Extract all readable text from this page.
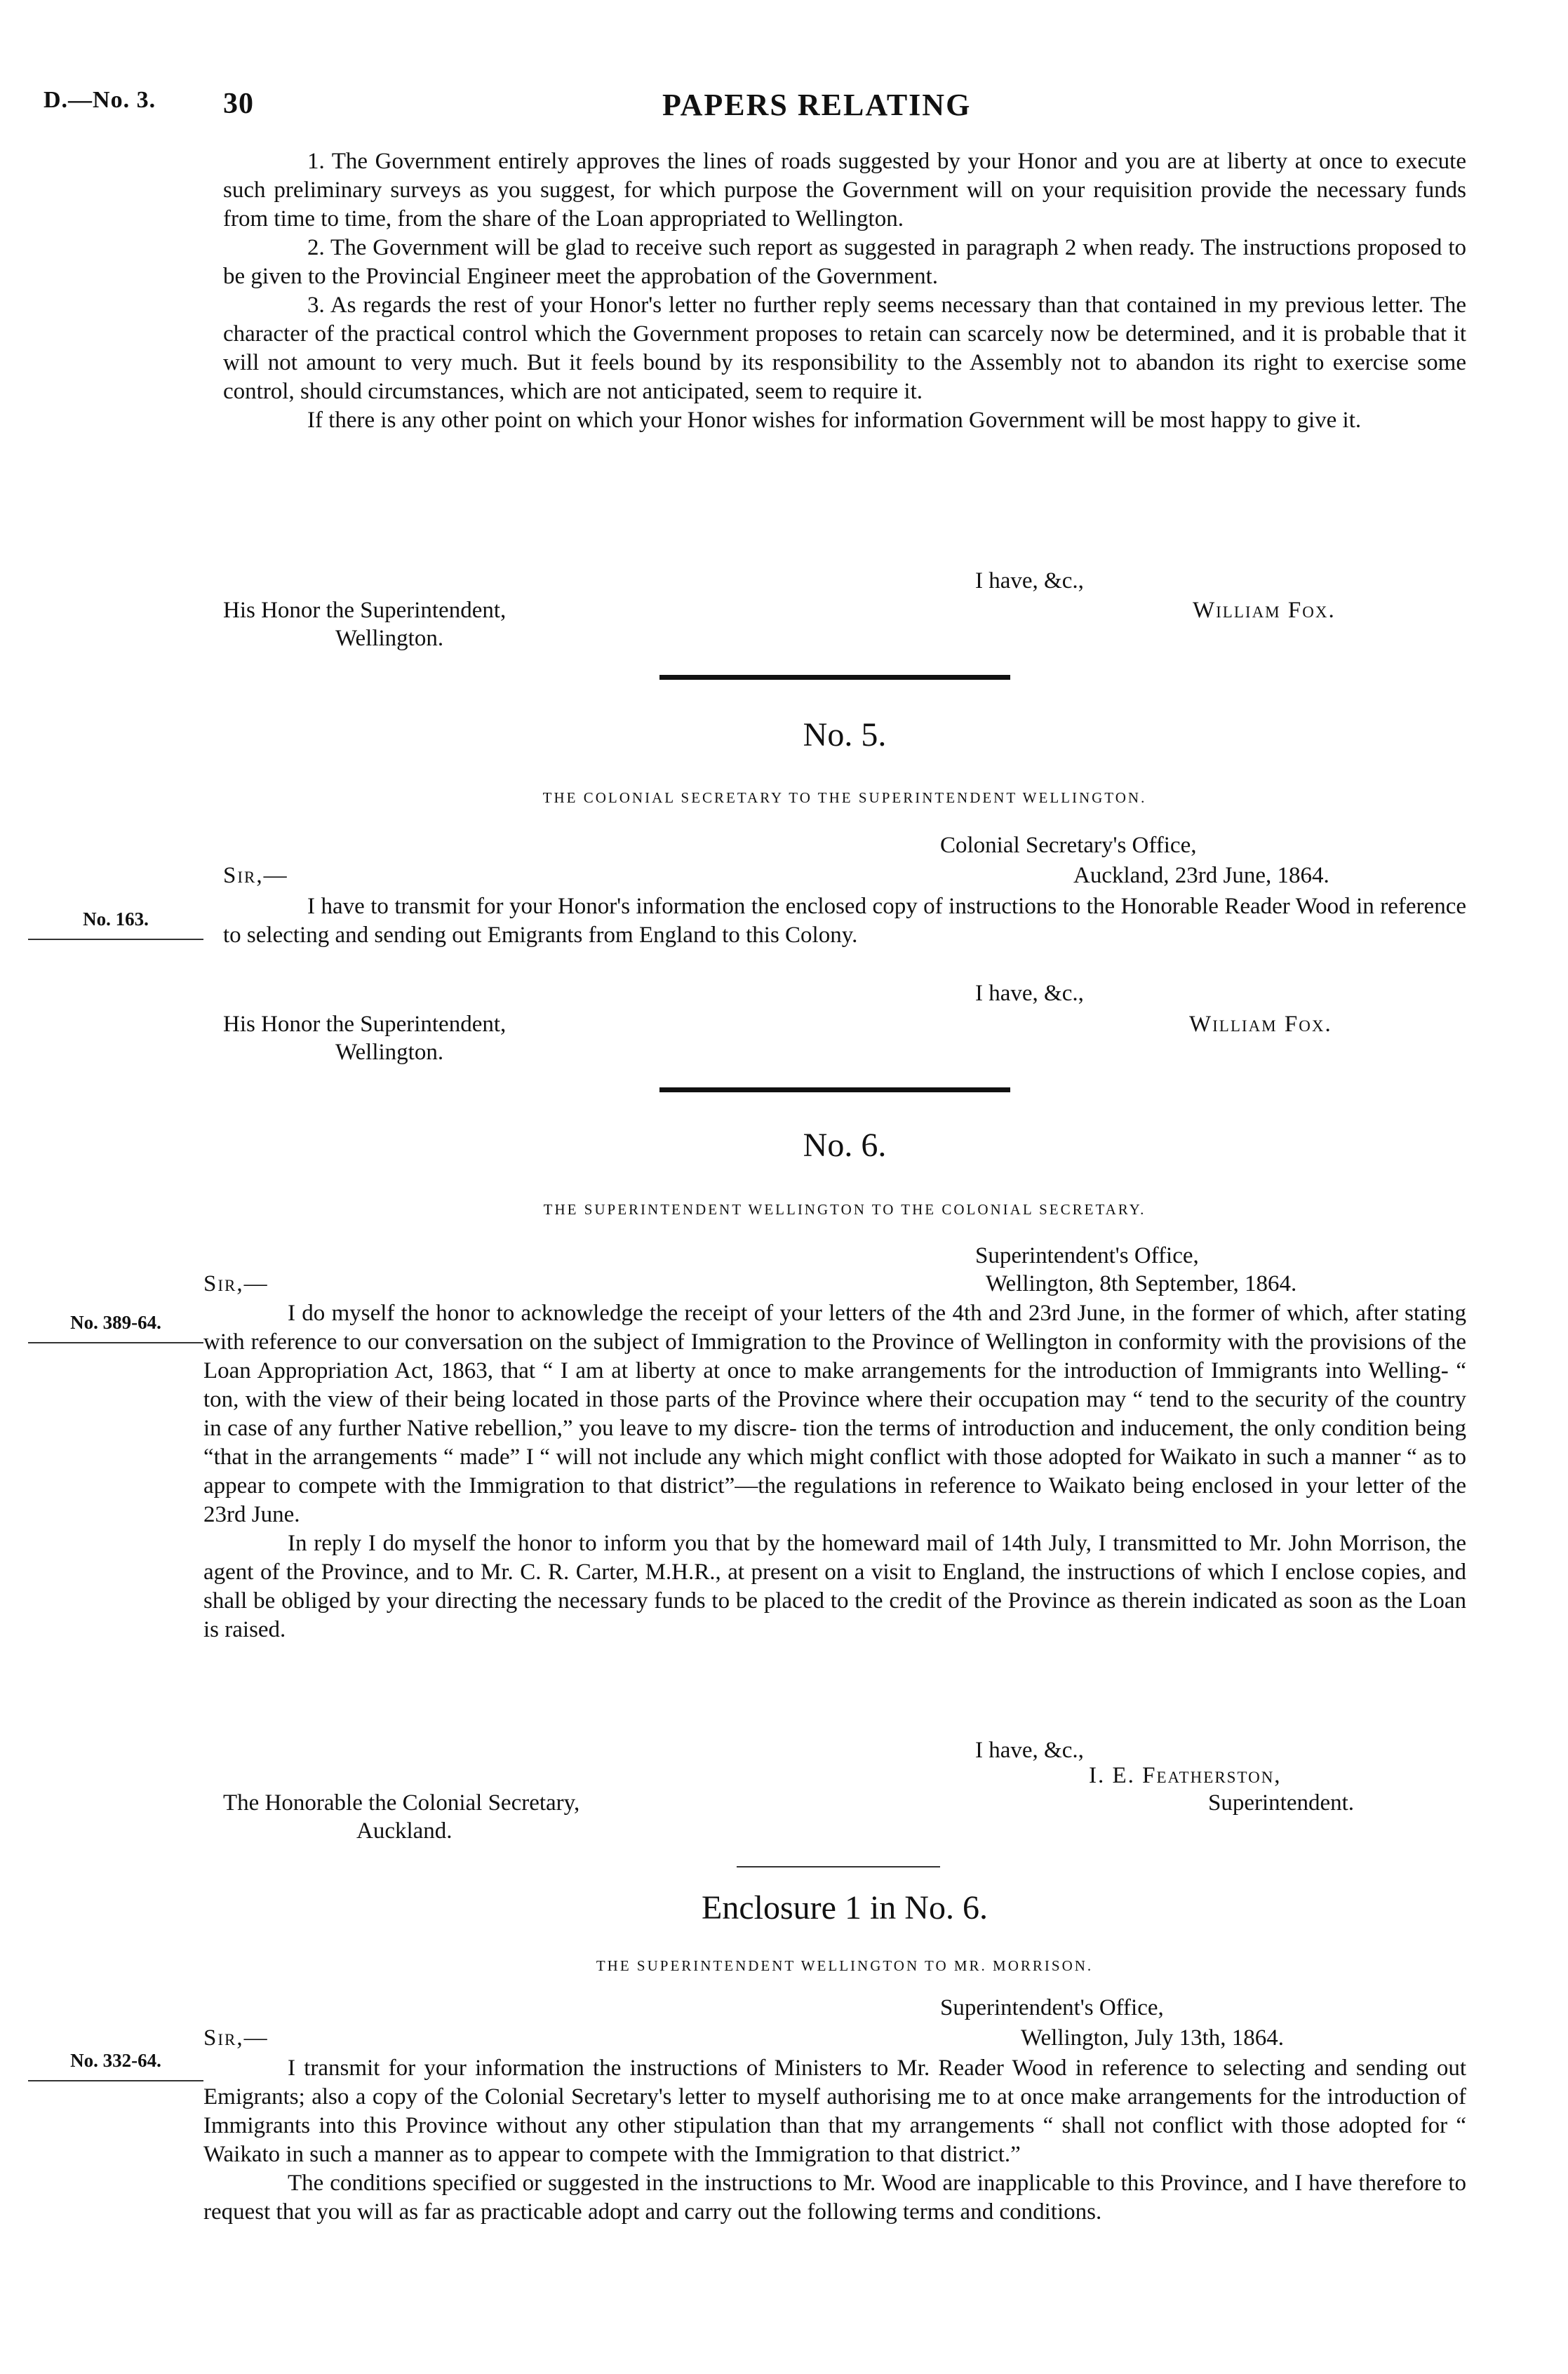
D.—No. 3. 30	PAPERS RELATING

1. The Government entirely approves the lines of roads suggested by your Honor and you are at liberty at once to execute such preliminary surveys as you suggest, for which purpose the Government will on your requisition provide the necessary funds from time to time, from the share of the Loan appropriated to Wellington.

2. The Government will be glad to receive such report as suggested in paragraph 2 when ready. The instructions proposed to be given to the Provincial Engineer meet the approbation of the Government.

3. As regards the rest of your Honor's letter no further reply seems necessary than that contained in my previous letter. The character of the practical control which the Government proposes to retain can scarcely now be determined, and it is probable that it will not amount to very much. But it feels bound by its responsibility to the Assembly not to abandon its right to exercise some control, should circumstances, which are not anticipated, seem to require it.

If there is any other point on which your Honor wishes for information Government will be most happy to give it.

I have, &c.,
His Honor the Superintendent,
Wellington.
William Fox.
No. 5.
THE COLONIAL SECRETARY TO THE SUPERINTENDENT WELLINGTON.
Colonial Secretary's Office,
Sir,—	Auckland, 23rd June, 1864.
I have to transmit for your Honor's information the enclosed copy of instructions to the Honorable Reader Wood in reference to selecting and sending out Emigrants from England to this Colony.
No. 163.
I have, &c.,
His Honor the Superintendent,
Wellington.
William Fox.
No. 6.
THE SUPERINTENDENT WELLINGTON TO THE COLONIAL SECRETARY.
Superintendent's Office,
Sir,—	Wellington, 8th September, 1864.

I do myself the honor to acknowledge the receipt of your letters of the 4th and 23rd June, in the former of which, after stating with reference to our conversation on the subject of Immigration to the Province of Wellington in conformity with the provisions of the Loan Appropriation Act, 1863, that “ I am at liberty at once to make arrangements for the introduction of Immigrants into Welling- “ ton, with the view of their being located in those parts of the Province where their occupation may “ tend to the security of the country in case of any further Native rebellion,” you leave to my discre- tion the terms of introduction and inducement, the only condition being “that in the arrangements “ made” I “ will not include any which might conflict with those adopted for Waikato in such a manner “ as to appear to compete with the Immigration to that district”—the regulations in reference to Waikato being enclosed in your letter of the 23rd June.

In reply I do myself the honor to inform you that by the homeward mail of 14th July, I transmitted to Mr. John Morrison, the agent of the Province, and to Mr. C. R. Carter, M.H.R., at present on a visit to England, the instructions of which I enclose copies, and shall be obliged by your directing the necessary funds to be placed to the credit of the Province as therein indicated as soon as the Loan is raised.

No. 389-64.
I have, &c.,
I. E. Featherston,
Superintendent.
The Honorable the Colonial Secretary,
Auckland.
Enclosure 1 in No. 6.
THE SUPERINTENDENT WELLINGTON TO MR. MORRISON.
Superintendent's Office,
Sir,—	Wellington, July 13th, 1864.

I transmit for your information the instructions of Ministers to Mr. Reader Wood in reference to selecting and sending out Emigrants; also a copy of the Colonial Secretary's letter to myself authorising me to at once make arrangements for the introduction of Immigrants into this Province without any other stipulation than that my arrangements “ shall not conflict with those adopted for “ Waikato in such a manner as to appear to compete with the Immigration to that district.”

The conditions specified or suggested in the instructions to Mr. Wood are inapplicable to this Province, and I have therefore to request that you will as far as practicable adopt and carry out the following terms and conditions.

No. 332-64.
